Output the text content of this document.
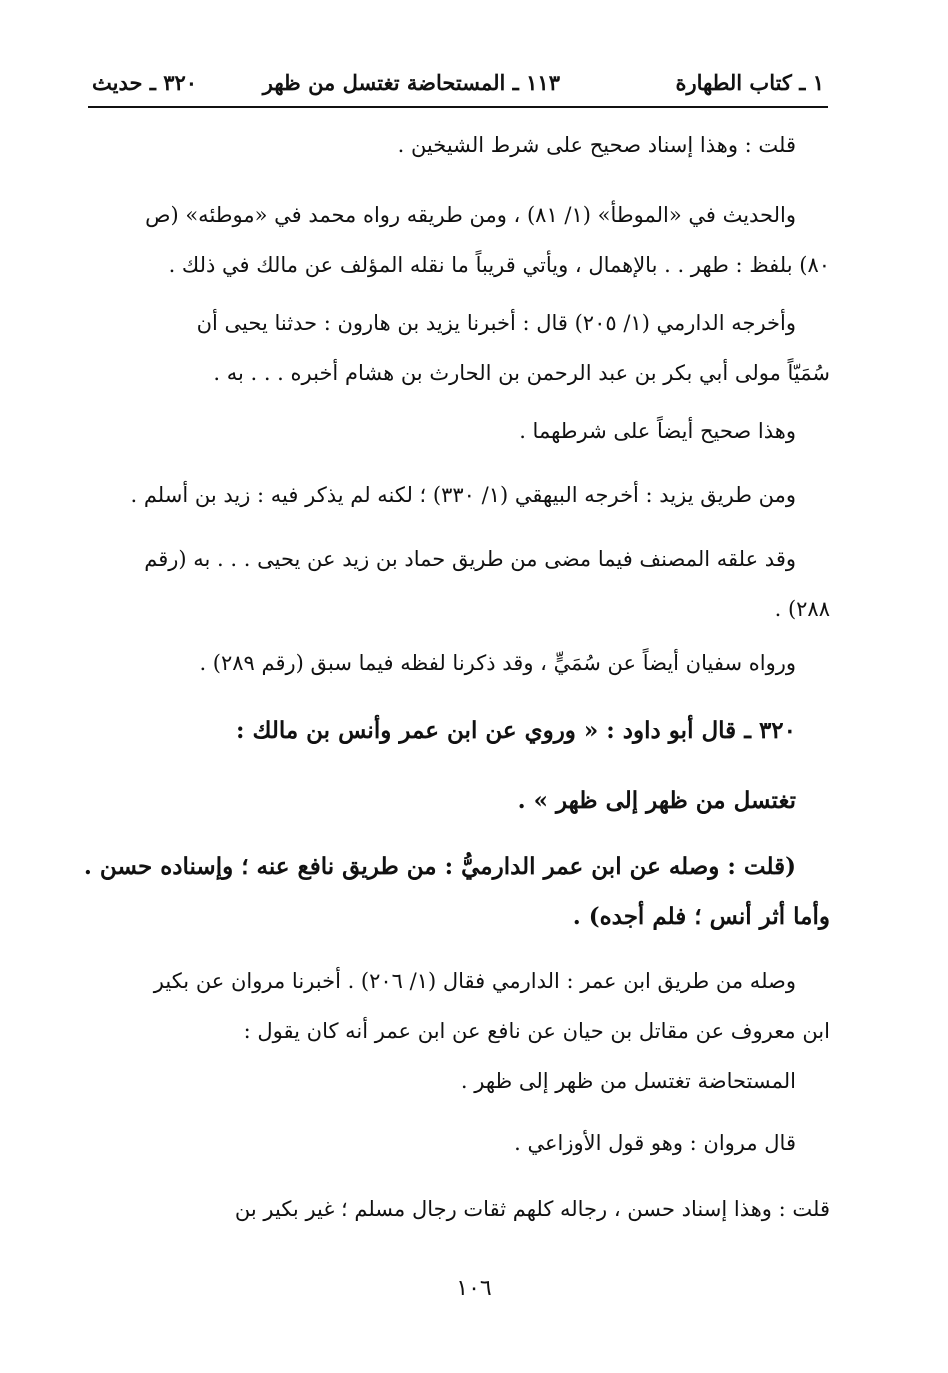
١ ـ كتاب الطهارة
١١٣ ـ المستحاضة تغتسل من ظهر
٣٢٠ ـ حديث
قلت : وهذا إسناد صحيح على شرط الشيخين .
والحديث في «الموطأ» (١/ ٨١) ، ومن طريقه رواه محمد في «موطئه» (ص
٨٠) بلفظ : طهر . . بالإهمال ، ويأتي قريباً ما نقله المؤلف عن مالك في ذلك .
وأخرجه الدارمي (١/ ٢٠٥) قال : أخبرنا يزيد بن هارون : حدثنا يحيى أن
سُمَيّاً مولى أبي بكر بن عبد الرحمن بن الحارث بن هشام أخبره . . . به .
وهذا صحيح أيضاً على شرطهما .
ومن طريق يزيد : أخرجه البيهقي (١/ ٣٣٠) ؛ لكنه لم يذكر فيه : زيد بن أسلم .
وقد علقه المصنف فيما مضى من طريق حماد بن زيد عن يحيى . . . به (رقم
٢٨٨) .
ورواه سفيان أيضاً عن سُمَيٍّ ، وقد ذكرنا لفظه فيما سبق (رقم ٢٨٩) .
٣٢٠ ـ قال أبو داود : « وروي عن ابن عمر وأنس بن مالك :
تغتسل من ظهر إلى ظهر » .
(قلت : وصله عن ابن عمر الدارميُّ : من طريق نافع عنه ؛ وإسناده حسن .
وأما أثر أنس ؛ فلم أجده) .
وصله من طريق ابن عمر : الدارمي فقال (١/ ٢٠٦) . أخبرنا مروان عن بكير
ابن معروف عن مقاتل بن حيان عن نافع عن ابن عمر أنه كان يقول :
المستحاضة تغتسل من ظهر إلى ظهر .
قال مروان : وهو قول الأوزاعي .
قلت : وهذا إسناد حسن ، رجاله كلهم ثقات رجال مسلم ؛ غير بكير بن
١٠٦
